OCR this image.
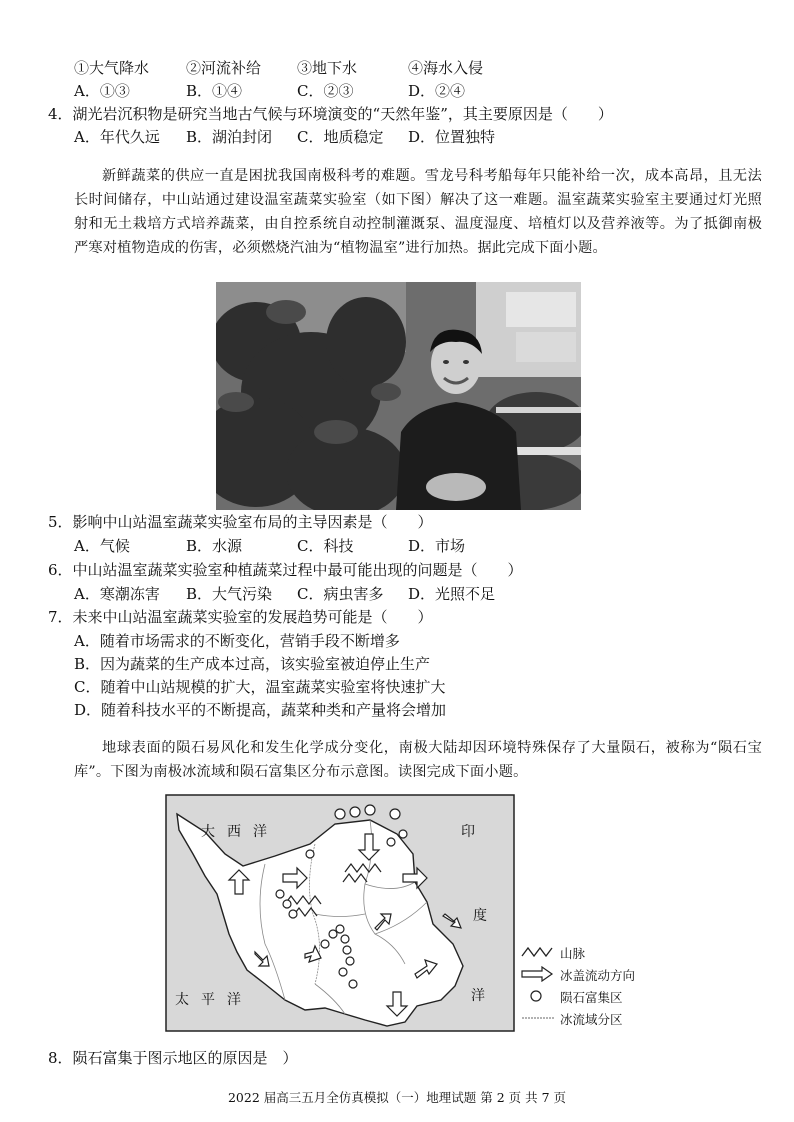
①大气降水 ②河流补给 ③地下水	④海水入侵
A．①③	B．①④	C．②③	D．②④
4．湖光岩沉积物是研究当地古气候与环境演变的“天然年鉴”，其主要原因是（　　）
A．年代久远 B．湖泊封闭 C．地质稳定 D．位置独特
新鲜蔬菜的供应一直是困扰我国南极科考的难题。雪龙号科考船每年只能补给一次，成本高昂，且无法长时间储存，中山站通过建设温室蔬菜实验室（如下图）解决了这一难题。温室蔬菜实验室主要通过灯光照射和无土栽培方式培养蔬菜，由自控系统自动控制灌溉泵、温度湿度、培植灯以及营养液等。为了抵御南极严寒对植物造成的伤害，必须燃烧汽油为“植物温室”进行加热。据此完成下面小题。
5．影响中山站温室蔬菜实验室布局的主导因素是（　　）
A．气候	B．水源	C．科技	D．市场
6．中山站温室蔬菜实验室种植蔬菜过程中最可能出现的问题是（　　）
A．寒潮冻害 B．大气污染 C．病虫害多 D．光照不足
7．未来中山站温室蔬菜实验室的发展趋势可能是（　　）
A．随着市场需求的不断变化，营销手段不断增多
B．因为蔬菜的生产成本过高，该实验室被迫停止生产
C．随着中山站规模的扩大，温室蔬菜实验室将快速扩大
D．随着科技水平的不断提高，蔬菜种类和产量将会增加
地球表面的陨石易风化和发生化学成分变化，南极大陆却因环境特殊保存了大量陨石，被称为“陨石宝库”。下图为南极冰流域和陨石富集区分布示意图。读图完成下面小题。
大 西 洋	印
度
洋
太 平 洋
山脉
冰盖流动方向
陨石富集区
冰流域分区
8．陨石富集于图示地区的原因是　）
2022 届高三五月全仿真模拟（一）地理试题 第 2 页 共 7 页
